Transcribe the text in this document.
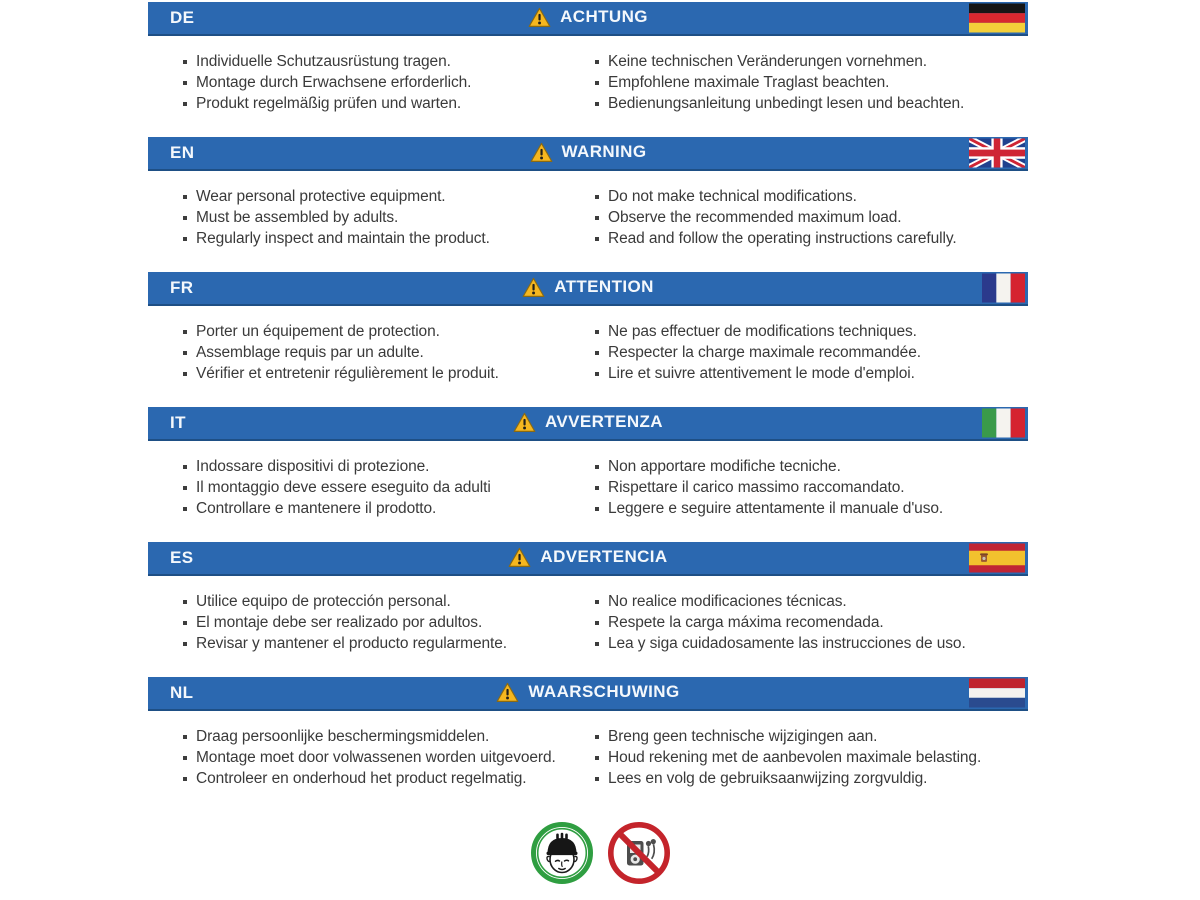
DE	ACHTUNG
Individuelle Schutzausrüstung tragen.
Montage durch Erwachsene erforderlich.
Produkt regelmäßig prüfen und warten.
Keine technischen Veränderungen vornehmen.
Empfohlene maximale Traglast beachten.
Bedienungsanleitung unbedingt lesen und beachten.
EN	WARNING
Wear personal protective equipment.
Must be assembled by adults.
Regularly inspect and maintain the product.
Do not make technical modifications.
Observe the recommended maximum load.
Read and follow the operating instructions carefully.
FR	ATTENTION
Porter un équipement de protection.
Assemblage requis par un adulte.
Vérifier et entretenir régulièrement le produit.
Ne pas effectuer de modifications techniques.
Respecter la charge maximale recommandée.
Lire et suivre attentivement le mode d'emploi.
IT	AVVERTENZA
Indossare dispositivi di protezione.
Il montaggio deve essere eseguito da adulti
Controllare e mantenere il prodotto.
Non apportare modifiche tecniche.
Rispettare il carico massimo raccomandato.
Leggere e seguire attentamente il manuale d'uso.
ES	ADVERTENCIA
Utilice equipo de protección personal.
El montaje debe ser realizado por adultos.
Revisar y mantener el producto regularmente.
No realice modificaciones técnicas.
Respete la carga máxima recomendada.
Lea y siga cuidadosamente las instrucciones de uso.
NL	WAARSCHUWING
Draag persoonlijke beschermingsmiddelen.
Montage moet door volwassenen worden uitgevoerd.
Controleer en onderhoud het product regelmatig.
Breng geen technische wijzigingen aan.
Houd rekening met de aanbevolen maximale belasting.
Lees en volg de gebruiksaanwijzing zorgvuldig.
